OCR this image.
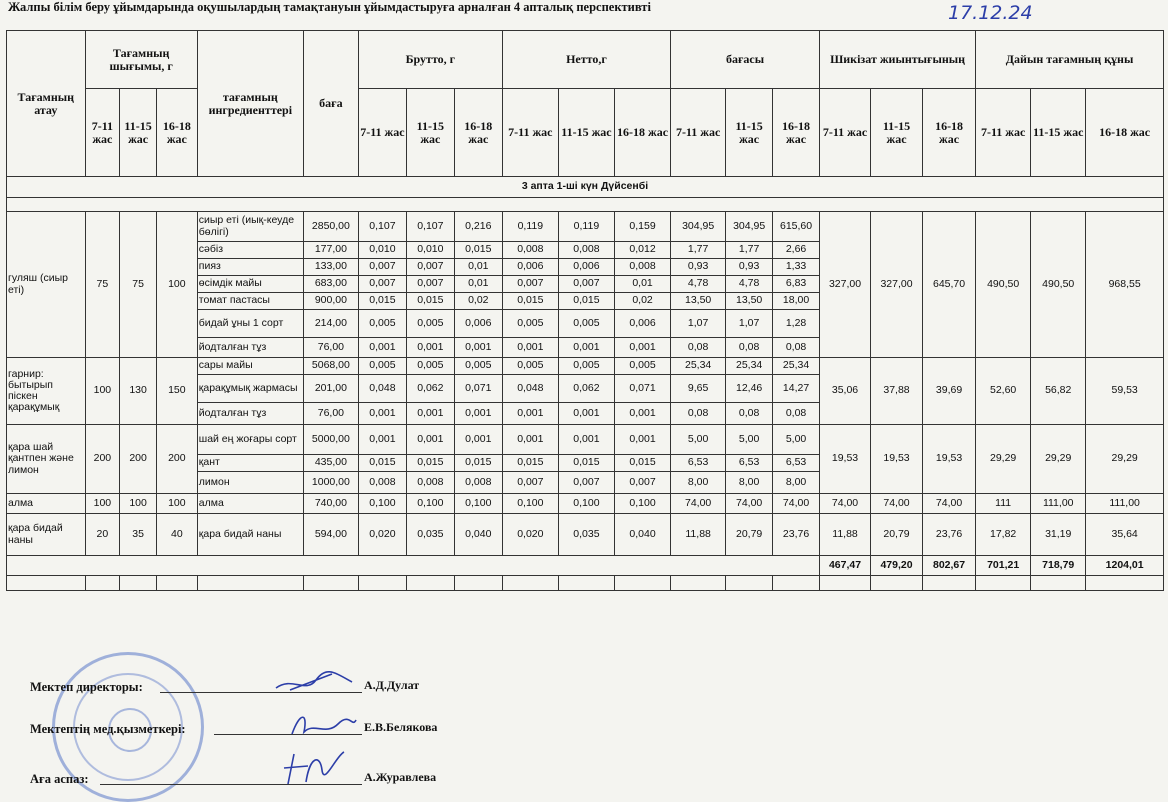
Жалпы білім беру ұйымдарында оқушылардың тамақтануын ұйымдастыруға арналған 4 апталық перспективті	17.12.24
Тағамның атау	Тағамның шығымы, г			тағамның ингредиенттері	баға	Брутто, г			Нетто,г			бағасы			Шикізат жиынтығының			Дайын тағамның құны		
	7-11 жас	11-15 жас	16-18 жас			7-11 жас	11-15 жас	16-18 жас	7-11 жас	11-15 жас	16-18 жас	7-11 жас	11-15 жас	16-18 жас	7-11 жас	11-15 жас	16-18 жас	7-11 жас	11-15 жас	16-18 жас
3 апта 1-ші күн Дүйсенбі																				

гуляш (сиыр еті)	75	75	100	сиыр еті (иық-кеуде бөлігі)	2850,00	0,107	0,107	0,216	0,119	0,119	0,159	304,95	304,95	615,60	327,00	327,00	645,70	490,50	490,50	968,55
				сәбіз	177,00	0,010	0,010	0,015	0,008	0,008	0,012	1,77	1,77	2,66						
				пияз	133,00	0,007	0,007	0,01	0,006	0,006	0,008	0,93	0,93	1,33						
				өсімдік майы	683,00	0,007	0,007	0,01	0,007	0,007	0,01	4,78	4,78	6,83						
				томат пастасы	900,00	0,015	0,015	0,02	0,015	0,015	0,02	13,50	13,50	18,00						
				бидай ұны 1 сорт	214,00	0,005	0,005	0,006	0,005	0,005	0,006	1,07	1,07	1,28						
				йодталған тұз	76,00	0,001	0,001	0,001	0,001	0,001	0,001	0,08	0,08	0,08						
гарнир: бытырып піскен қарақұмық	100	130	150	сары майы	5068,00	0,005	0,005	0,005	0,005	0,005	0,005	25,34	25,34	25,34	35,06	37,88	39,69	52,60	56,82	59,53
				қарақұмық жармасы	201,00	0,048	0,062	0,071	0,048	0,062	0,071	9,65	12,46	14,27						
				йодталған тұз	76,00	0,001	0,001	0,001	0,001	0,001	0,001	0,08	0,08	0,08						
қара шай қантпен және лимон	200	200	200	шай ең жоғары сорт	5000,00	0,001	0,001	0,001	0,001	0,001	0,001	5,00	5,00	5,00	19,53	19,53	19,53	29,29	29,29	29,29
				қант	435,00	0,015	0,015	0,015	0,015	0,015	0,015	6,53	6,53	6,53						
				лимон	1000,00	0,008	0,008	0,008	0,007	0,007	0,007	8,00	8,00	8,00						
алма	100	100	100	алма	740,00	0,100	0,100	0,100	0,100	0,100	0,100	74,00	74,00	74,00	74,00	74,00	74,00	111	111,00	111,00
қара бидай наны	20	35	40	қара бидай наны	594,00	0,020	0,035	0,040	0,020	0,035	0,040	11,88	20,79	23,76	11,88	20,79	23,76	17,82	31,19	35,64
															467,47	479,20	802,67	701,21	718,79	1204,01

Мектеп директоры:	А.Д.Дулат
Мектептің мед.қызметкері:	Е.В.Белякова
Аға аспаз:	А.Журавлева
